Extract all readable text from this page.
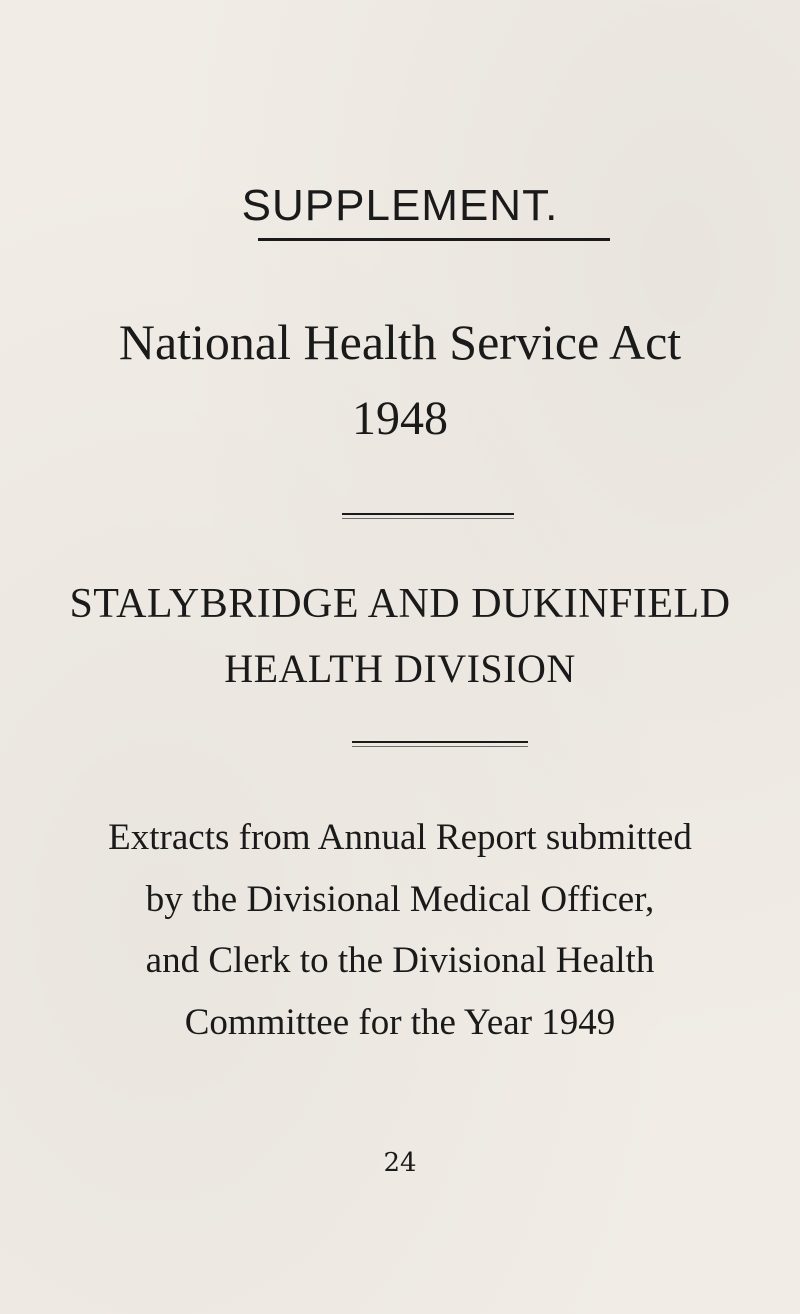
SUPPLEMENT.
National Health Service Act
1948
STALYBRIDGE AND DUKINFIELD
HEALTH DIVISION
Extracts from Annual Report submitted
by the Divisional Medical Officer,
and Clerk to the Divisional Health
Committee for the Year 1949
24
